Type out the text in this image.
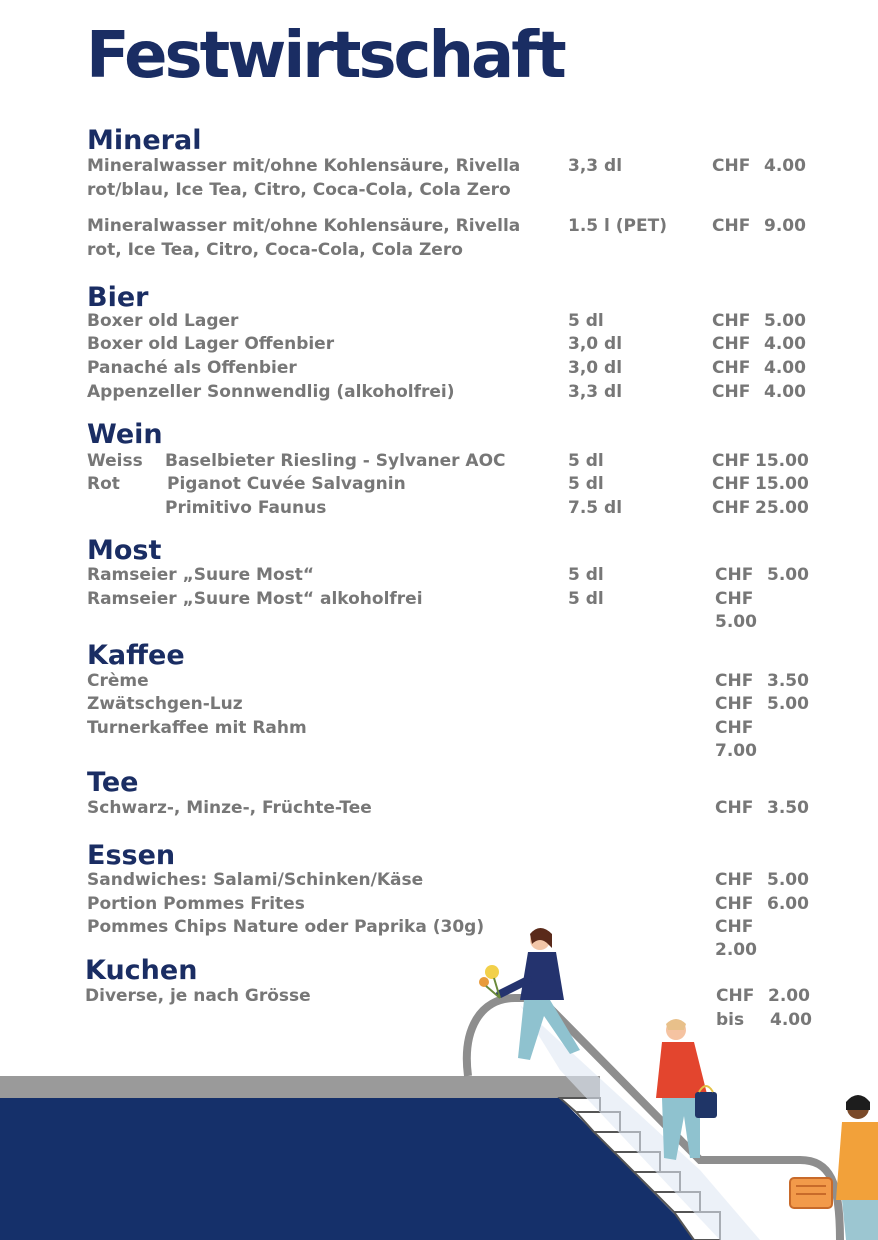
Festwirtschaft
Mineral
Mineralwasser mit/ohne Kohlensäure, Rivella
rot/blau, Ice Tea, Citro, Coca-Cola, Cola Zero
3,3 dl	CHF 4.00
Mineralwasser mit/ohne Kohlensäure, Rivella
rot, Ice Tea, Citro, Coca-Cola, Cola Zero
1.5 l (PET)	CHF 9.00
Bier
Boxer old Lager	5 dl	CHF 5.00
Boxer old Lager Offenbier	3,0 dl	CHF 4.00
Panaché als Offenbier	3,0 dl	CHF 4.00
Appenzeller Sonnwendlig (alkoholfrei)	3,3 dl	CHF 4.00
Wein
Weiss Baselbieter Riesling - Sylvaner AOC	5 dl	CHF 15.00
Rot	Piganot Cuvée Salvagnin	5 dl	CHF 15.00
Primitivo Faunus	7.5 dl	CHF 25.00
Most
Ramseier „Suure Most“	5 dl	CHF 5.00
Ramseier „Suure Most“ alkoholfrei	5 dl	CHF
5.00
Kaffee
Crème	CHF 3.50
Zwätschgen-Luz	CHF 5.00
Turnerkaffee mit Rahm	CHF
7.00
Tee
Schwarz-, Minze-, Früchte-Tee	CHF 3.50
Essen
Sandwiches: Salami/Schinken/Käse	CHF 5.00
Portion Pommes Frites	CHF 6.00
Pommes Chips Nature oder Paprika (30g)	CHF
2.00
Kuchen
Diverse, je nach Grösse	CHF 2.00
bis 4.00
